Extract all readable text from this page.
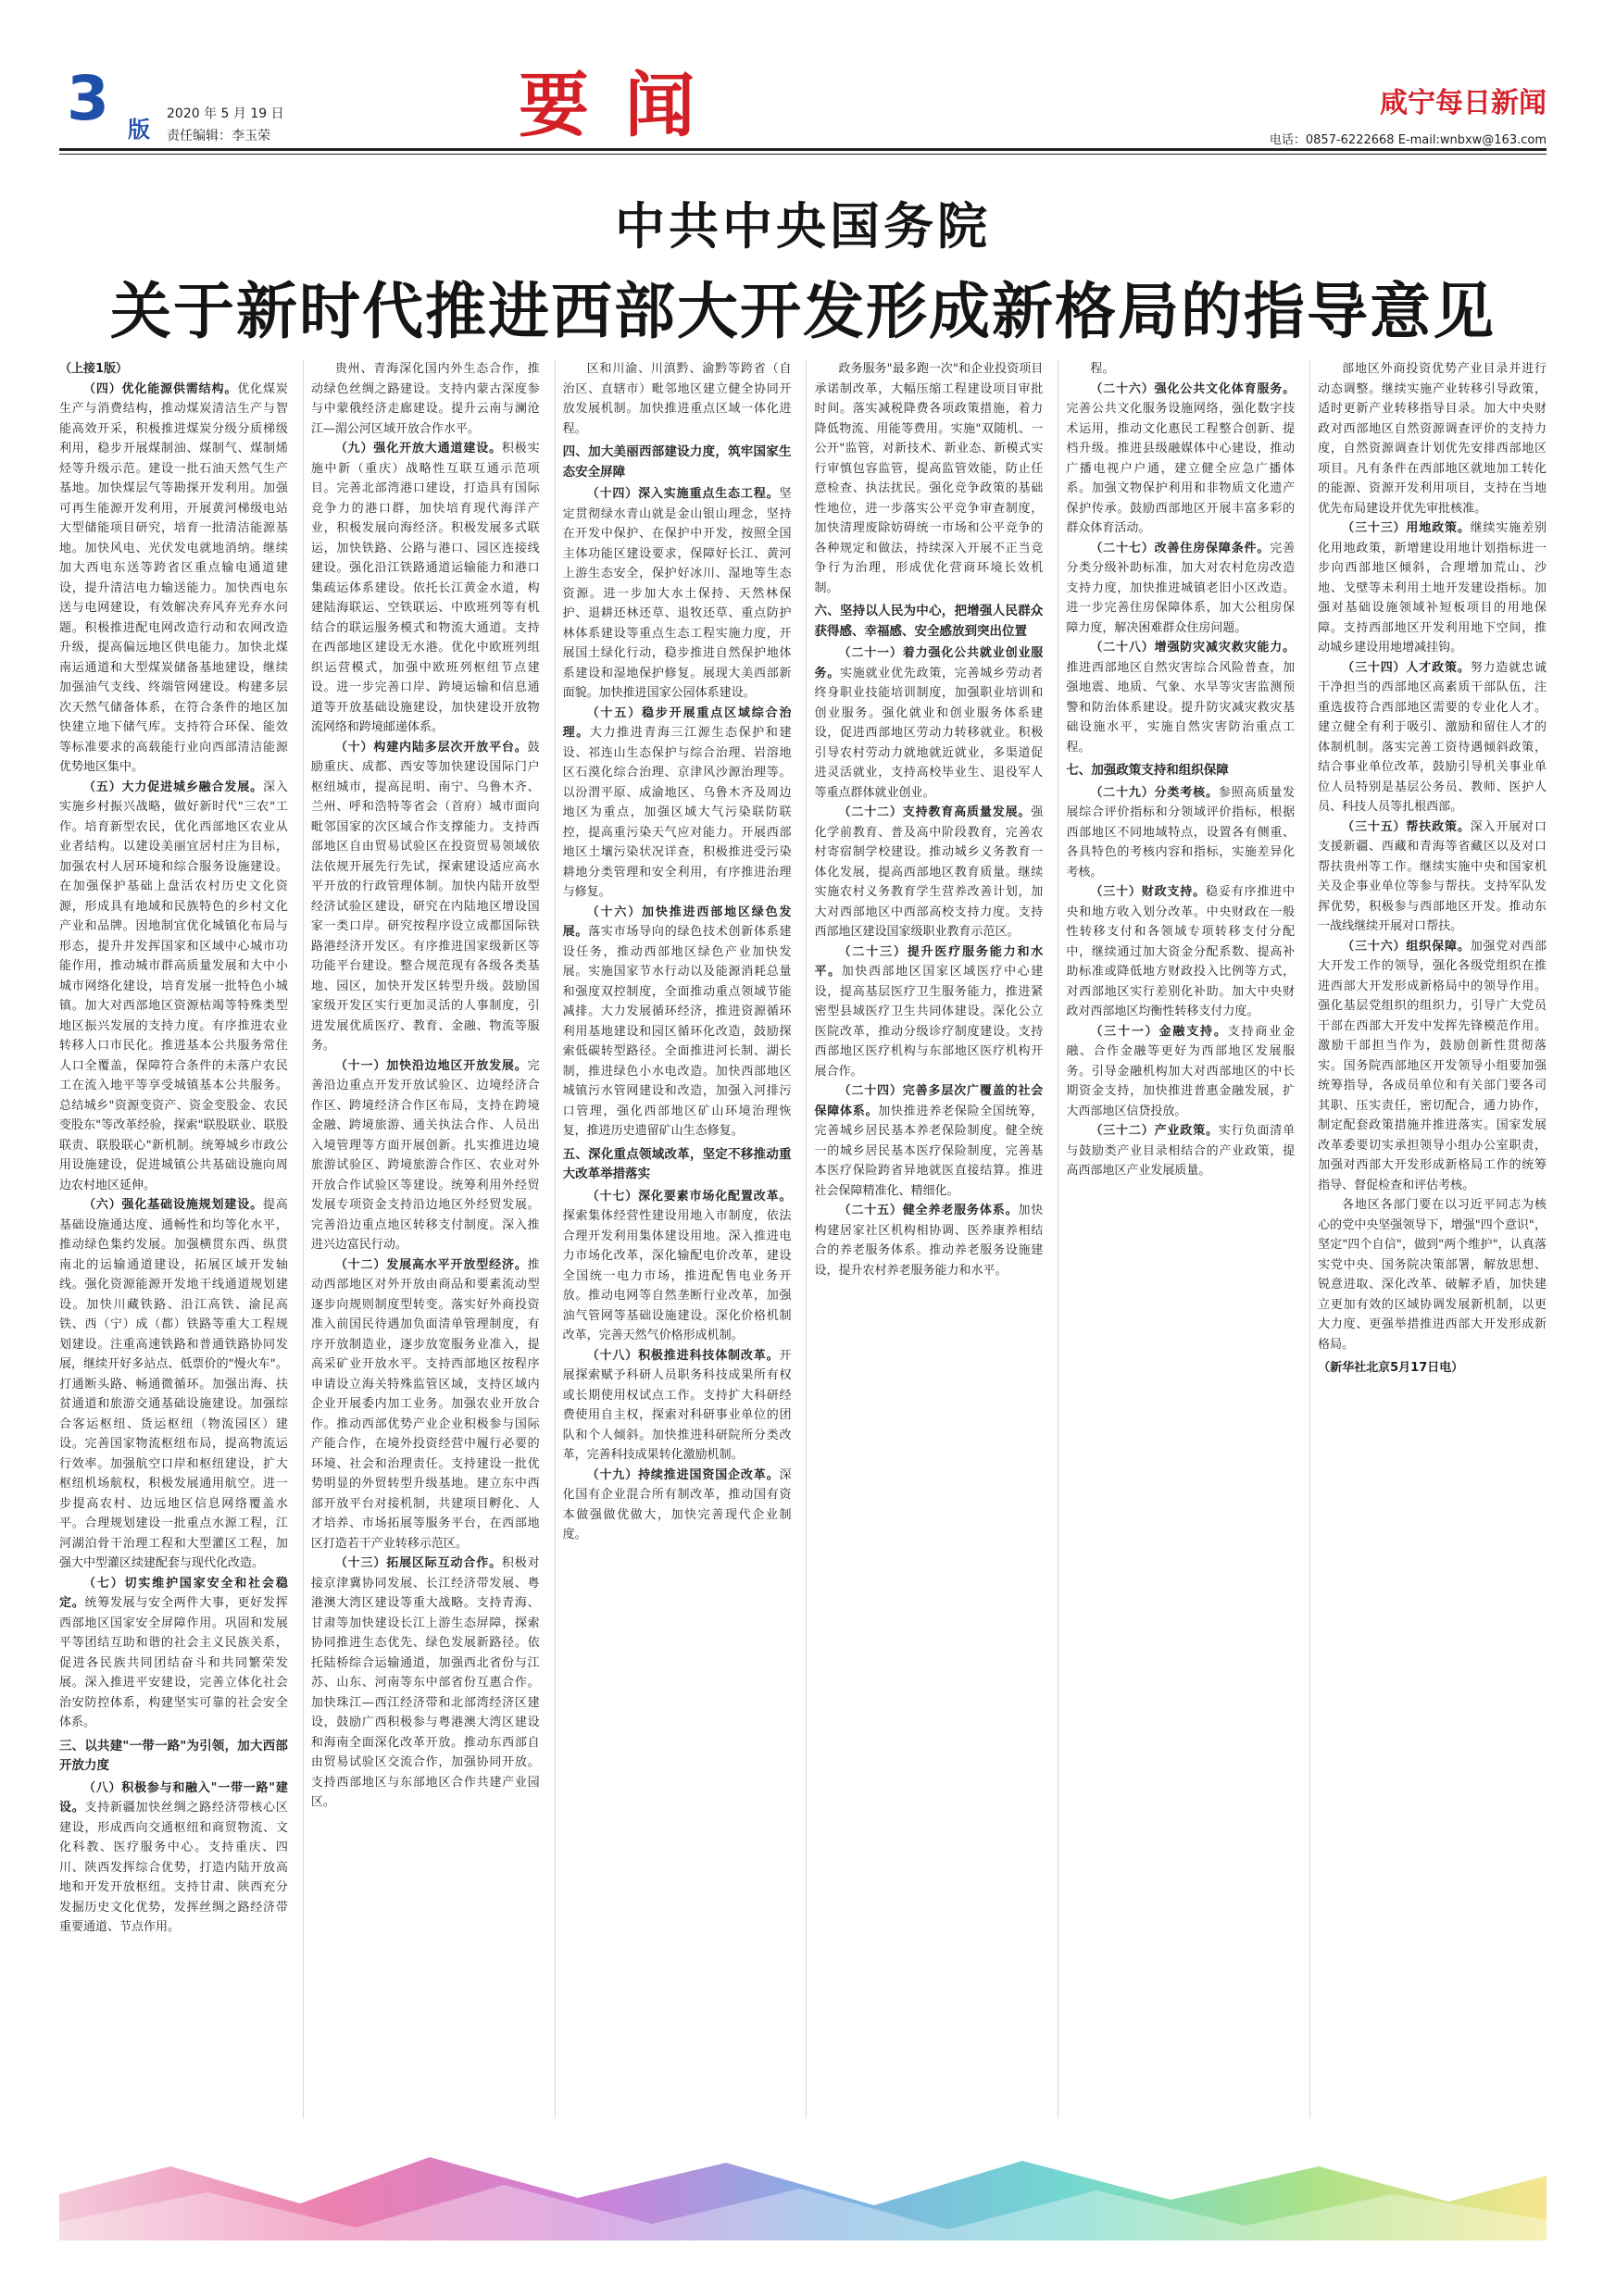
3 版
2020 年 5 月 19 日
责任编辑：李玉荣	要 闻	咸宁每日新闻
电话：0857-6222668 E-mail:wnbxw@163.com
中共中央国务院
关于新时代推进西部大开发形成新格局的指导意见

（上接1版）

（四）优化能源供需结构。优化煤炭生产与消费结构，推动煤炭清洁生产与智能高效开采，积极推进煤炭分级分质梯级利用，稳步开展煤制油、煤制气、煤制烯烃等升级示范。建设一批石油天然气生产基地。加快煤层气等勘探开发利用。加强可再生能源开发利用，开展黄河梯级电站大型储能项目研究，培育一批清洁能源基地。加快风电、光伏发电就地消纳。继续加大西电东送等跨省区重点输电通道建设，提升清洁电力输送能力。加快西电东送与电网建设，有效解决弃风弃光弃水问题。积极推进配电网改造行动和农网改造升级，提高偏远地区供电能力。加快北煤南运通道和大型煤炭储备基地建设，继续加强油气支线、终端管网建设。构建多层次天然气储备体系，在符合条件的地区加快建立地下储气库。支持符合环保、能效等标准要求的高载能行业向西部清洁能源优势地区集中。

（五）大力促进城乡融合发展。深入实施乡村振兴战略，做好新时代"三农"工作。培育新型农民，优化西部地区农业从业者结构。以建设美丽宜居村庄为目标，加强农村人居环境和综合服务设施建设。在加强保护基础上盘活农村历史文化资源，形成具有地域和民族特色的乡村文化产业和品牌。因地制宜优化城镇化布局与形态，提升并发挥国家和区域中心城市功能作用，推动城市群高质量发展和大中小城市网络化建设，培育发展一批特色小城镇。加大对西部地区资源枯竭等特殊类型地区振兴发展的支持力度。有序推进农业转移人口市民化。推进基本公共服务常住人口全覆盖，保障符合条件的未落户农民工在流入地平等享受城镇基本公共服务。总结城乡"资源变资产、资金变股金、农民变股东"等改革经验，探索"联股联业、联股联责、联股联心"新机制。统筹城乡市政公用设施建设，促进城镇公共基础设施向周边农村地区延伸。

（六）强化基础设施规划建设。提高基础设施通达度、通畅性和均等化水平，推动绿色集约发展。加强横贯东西、纵贯南北的运输通道建设，拓展区域开发轴线。强化资源能源开发地干线通道规划建设。加快川藏铁路、沿江高铁、渝昆高铁、西（宁）成（都）铁路等重大工程规划建设。注重高速铁路和普通铁路协同发展，继续开好多站点、低票价的"慢火车"。打通断头路、畅通微循环。加强出海、扶贫通道和旅游交通基础设施建设。加强综合客运枢纽、货运枢纽（物流园区）建设。完善国家物流枢纽布局，提高物流运行效率。加强航空口岸和枢纽建设，扩大枢纽机场航权，积极发展通用航空。进一步提高农村、边远地区信息网络覆盖水平。合理规划建设一批重点水源工程，江河湖泊骨干治理工程和大型灌区工程，加强大中型灌区续建配套与现代化改造。

（七）切实维护国家安全和社会稳定。统筹发展与安全两件大事，更好发挥西部地区国家安全屏障作用。巩固和发展平等团结互助和谐的社会主义民族关系，促进各民族共同团结奋斗和共同繁荣发展。深入推进平安建设，完善立体化社会治安防控体系，构建坚实可靠的社会安全体系。

三、以共建"一带一路"为引领，加大西部开放力度

（八）积极参与和融入"一带一路"建设。支持新疆加快丝绸之路经济带核心区建设，形成西向交通枢纽和商贸物流、文化科教、医疗服务中心。支持重庆、四川、陕西发挥综合优势，打造内陆开放高地和开发开放枢纽。支持甘肃、陕西充分发掘历史文化优势，发挥丝绸之路经济带重要通道、节点作用。

贵州、青海深化国内外生态合作，推动绿色丝绸之路建设。支持内蒙古深度参与中蒙俄经济走廊建设。提升云南与澜沧江—湄公河区域开放合作水平。

（九）强化开放大通道建设。积极实施中新（重庆）战略性互联互通示范项目。完善北部湾港口建设，打造具有国际竞争力的港口群，加快培育现代海洋产业，积极发展向海经济。积极发展多式联运，加快铁路、公路与港口、园区连接线建设。强化沿江铁路通道运输能力和港口集疏运体系建设。依托长江黄金水道，构建陆海联运、空铁联运、中欧班列等有机结合的联运服务模式和物流大通道。支持在西部地区建设无水港。优化中欧班列组织运营模式，加强中欧班列枢纽节点建设。进一步完善口岸、跨境运输和信息通道等开放基础设施建设，加快建设开放物流网络和跨境邮递体系。

（十）构建内陆多层次开放平台。鼓励重庆、成都、西安等加快建设国际门户枢纽城市，提高昆明、南宁、乌鲁木齐、兰州、呼和浩特等省会（首府）城市面向毗邻国家的次区域合作支撑能力。支持西部地区自由贸易试验区在投资贸易领域依法依规开展先行先试，探索建设适应高水平开放的行政管理体制。加快内陆开放型经济试验区建设，研究在内陆地区增设国家一类口岸。研究按程序设立成都国际铁路港经济开发区。有序推进国家级新区等功能平台建设。整合规范现有各级各类基地、园区，加快开发区转型升级。鼓励国家级开发区实行更加灵活的人事制度，引进发展优质医疗、教育、金融、物流等服务。

（十一）加快沿边地区开放发展。完善沿边重点开发开放试验区、边境经济合作区、跨境经济合作区布局，支持在跨境金融、跨境旅游、通关执法合作、人员出入境管理等方面开展创新。扎实推进边境旅游试验区、跨境旅游合作区、农业对外开放合作试验区等建设。统筹利用外经贸发展专项资金支持沿边地区外经贸发展。完善沿边重点地区转移支付制度。深入推进兴边富民行动。

（十二）发展高水平开放型经济。推动西部地区对外开放由商品和要素流动型逐步向规则制度型转变。落实好外商投资准入前国民待遇加负面清单管理制度，有序开放制造业，逐步放宽服务业准入，提高采矿业开放水平。支持西部地区按程序申请设立海关特殊监管区域，支持区域内企业开展委内加工业务。加强农业开放合作。推动西部优势产业企业积极参与国际产能合作，在境外投资经营中履行必要的环境、社会和治理责任。支持建设一批优势明显的外贸转型升级基地。建立东中西部开放平台对接机制，共建项目孵化、人才培养、市场拓展等服务平台，在西部地区打造若干产业转移示范区。

（十三）拓展区际互动合作。积极对接京津冀协同发展、长江经济带发展、粤港澳大湾区建设等重大战略。支持青海、甘肃等加快建设长江上游生态屏障，探索协同推进生态优先、绿色发展新路径。依托陆桥综合运输通道，加强西北省份与江苏、山东、河南等东中部省份互惠合作。加快珠江—西江经济带和北部湾经济区建设，鼓励广西积极参与粤港澳大湾区建设和海南全面深化改革开放。推动东西部自由贸易试验区交流合作，加强协同开放。支持西部地区与东部地区合作共建产业园区。

区和川渝、川滇黔、渝黔等跨省（自治区、直辖市）毗邻地区建立健全协同开放发展机制。加快推进重点区域一体化进程。

四、加大美丽西部建设力度，筑牢国家生态安全屏障

（十四）深入实施重点生态工程。坚定贯彻绿水青山就是金山银山理念，坚持在开发中保护、在保护中开发，按照全国主体功能区建设要求，保障好长江、黄河上游生态安全，保护好冰川、湿地等生态资源。进一步加大水土保持、天然林保护、退耕还林还草、退牧还草、重点防护林体系建设等重点生态工程实施力度，开展国土绿化行动，稳步推进自然保护地体系建设和湿地保护修复。展现大美西部新面貌。加快推进国家公园体系建设。

（十五）稳步开展重点区域综合治理。大力推进青海三江源生态保护和建设、祁连山生态保护与综合治理、岩溶地区石漠化综合治理、京津风沙源治理等。以汾渭平原、成渝地区、乌鲁木齐及周边地区为重点，加强区域大气污染联防联控，提高重污染天气应对能力。开展西部地区土壤污染状况详查，积极推进受污染耕地分类管理和安全利用，有序推进治理与修复。

（十六）加快推进西部地区绿色发展。落实市场导向的绿色技术创新体系建设任务，推动西部地区绿色产业加快发展。实施国家节水行动以及能源消耗总量和强度双控制度，全面推动重点领域节能减排。大力发展循环经济，推进资源循环利用基地建设和园区循环化改造，鼓励探索低碳转型路径。全面推进河长制、湖长制，推进绿色小水电改造。加快西部地区城镇污水管网建设和改造，加强入河排污口管理，强化西部地区矿山环境治理恢复，推进历史遗留矿山生态修复。

五、深化重点领域改革，坚定不移推动重大改革举措落实

（十七）深化要素市场化配置改革。探索集体经营性建设用地入市制度，依法合理开发利用集体建设用地。深入推进电力市场化改革，深化输配电价改革，建设全国统一电力市场，推进配售电业务开放。推动电网等自然垄断行业改革，加强油气管网等基础设施建设。深化价格机制改革，完善天然气价格形成机制。

（十八）积极推进科技体制改革。开展探索赋予科研人员职务科技成果所有权或长期使用权试点工作。支持扩大科研经费使用自主权，探索对科研事业单位的团队和个人倾斜。加快推进科研院所分类改革，完善科技成果转化激励机制。

（十九）持续推进国资国企改革。深化国有企业混合所有制改革，推动国有资本做强做优做大，加快完善现代企业制度。

政务服务"最多跑一次"和企业投资项目承诺制改革，大幅压缩工程建设项目审批时间。落实减税降费各项政策措施，着力降低物流、用能等费用。实施"双随机、一公开"监管，对新技术、新业态、新模式实行审慎包容监管，提高监管效能，防止任意检查、执法扰民。强化竞争政策的基础性地位，进一步落实公平竞争审查制度，加快清理废除妨碍统一市场和公平竞争的各种规定和做法，持续深入开展不正当竞争行为治理，形成优化营商环境长效机制。

六、坚持以人民为中心，把增强人民群众获得感、幸福感、安全感放到突出位置

（二十一）着力强化公共就业创业服务。实施就业优先政策，完善城乡劳动者终身职业技能培训制度，加强职业培训和创业服务。强化就业和创业服务体系建设，促进西部地区劳动力转移就业。积极引导农村劳动力就地就近就业，多渠道促进灵活就业，支持高校毕业生、退役军人等重点群体就业创业。

（二十二）支持教育高质量发展。强化学前教育、普及高中阶段教育，完善农村寄宿制学校建设。推动城乡义务教育一体化发展，提高西部地区教育质量。继续实施农村义务教育学生营养改善计划，加大对西部地区中西部高校支持力度。支持西部地区建设国家级职业教育示范区。

（二十三）提升医疗服务能力和水平。加快西部地区国家区域医疗中心建设，提高基层医疗卫生服务能力，推进紧密型县域医疗卫生共同体建设。深化公立医院改革，推动分级诊疗制度建设。支持西部地区医疗机构与东部地区医疗机构开展合作。

（二十四）完善多层次广覆盖的社会保障体系。加快推进养老保险全国统筹，完善城乡居民基本养老保险制度。健全统一的城乡居民基本医疗保险制度，完善基本医疗保险跨省异地就医直接结算。推进社会保障精准化、精细化。

（二十五）健全养老服务体系。加快构建居家社区机构相协调、医养康养相结合的养老服务体系。推动养老服务设施建设，提升农村养老服务能力和水平。

程。

（二十六）强化公共文化体育服务。完善公共文化服务设施网络，强化数字技术运用，推动文化惠民工程整合创新、提档升级。推进县级融媒体中心建设，推动广播电视户户通，建立健全应急广播体系。加强文物保护利用和非物质文化遗产保护传承。鼓励西部地区开展丰富多彩的群众体育活动。

（二十七）改善住房保障条件。完善分类分级补助标准，加大对农村危房改造支持力度，加快推进城镇老旧小区改造。进一步完善住房保障体系，加大公租房保障力度，解决困难群众住房问题。

（二十八）增强防灾减灾救灾能力。推进西部地区自然灾害综合风险普查，加强地震、地质、气象、水旱等灾害监测预警和防治体系建设。提升防灾减灾救灾基础设施水平，实施自然灾害防治重点工程。

七、加强政策支持和组织保障

（二十九）分类考核。参照高质量发展综合评价指标和分领域评价指标，根据西部地区不同地域特点，设置各有侧重、各具特色的考核内容和指标，实施差异化考核。

（三十）财政支持。稳妥有序推进中央和地方收入划分改革。中央财政在一般性转移支付和各领域专项转移支付分配中，继续通过加大资金分配系数、提高补助标准或降低地方财政投入比例等方式，对西部地区实行差别化补助。加大中央财政对西部地区均衡性转移支付力度。

（三十一）金融支持。支持商业金融、合作金融等更好为西部地区发展服务。引导金融机构加大对西部地区的中长期资金支持，加快推进普惠金融发展，扩大西部地区信贷投放。

（三十二）产业政策。实行负面清单与鼓励类产业目录相结合的产业政策，提高西部地区产业发展质量。

部地区外商投资优势产业目录并进行动态调整。继续实施产业转移引导政策，适时更新产业转移指导目录。加大中央财政对西部地区自然资源调查评价的支持力度，自然资源调查计划优先安排西部地区项目。凡有条件在西部地区就地加工转化的能源、资源开发利用项目，支持在当地优先布局建设并优先审批核准。

（三十三）用地政策。继续实施差别化用地政策，新增建设用地计划指标进一步向西部地区倾斜，合理增加荒山、沙地、戈壁等未利用土地开发建设指标。加强对基础设施领域补短板项目的用地保障。支持西部地区开发利用地下空间，推动城乡建设用地增减挂钩。

（三十四）人才政策。努力造就忠诚干净担当的西部地区高素质干部队伍，注重选拔符合西部地区需要的专业化人才。建立健全有利于吸引、激励和留住人才的体制机制。落实完善工资待遇倾斜政策，结合事业单位改革，鼓励引导机关事业单位人员特别是基层公务员、教师、医护人员、科技人员等扎根西部。

（三十五）帮扶政策。深入开展对口支援新疆、西藏和青海等省藏区以及对口帮扶贵州等工作。继续实施中央和国家机关及企事业单位等参与帮扶。支持军队发挥优势，积极参与西部地区开发。推动东一战线继续开展对口帮扶。

（三十六）组织保障。加强党对西部大开发工作的领导，强化各级党组织在推进西部大开发形成新格局中的领导作用。强化基层党组织的组织力，引导广大党员干部在西部大开发中发挥先锋模范作用。激励干部担当作为，鼓励创新性贯彻落实。国务院西部地区开发领导小组要加强统筹指导，各成员单位和有关部门要各司其职、压实责任，密切配合，通力协作，制定配套政策措施并推进落实。国家发展改革委要切实承担领导小组办公室职责，加强对西部大开发形成新格局工作的统筹指导、督促检查和评估考核。

各地区各部门要在以习近平同志为核心的党中央坚强领导下，增强"四个意识"，坚定"四个自信"，做到"两个维护"，认真落实党中央、国务院决策部署，解放思想、锐意进取、深化改革、破解矛盾，加快建立更加有效的区域协调发展新机制，以更大力度、更强举措推进西部大开发形成新格局。

（新华社北京5月17日电）
